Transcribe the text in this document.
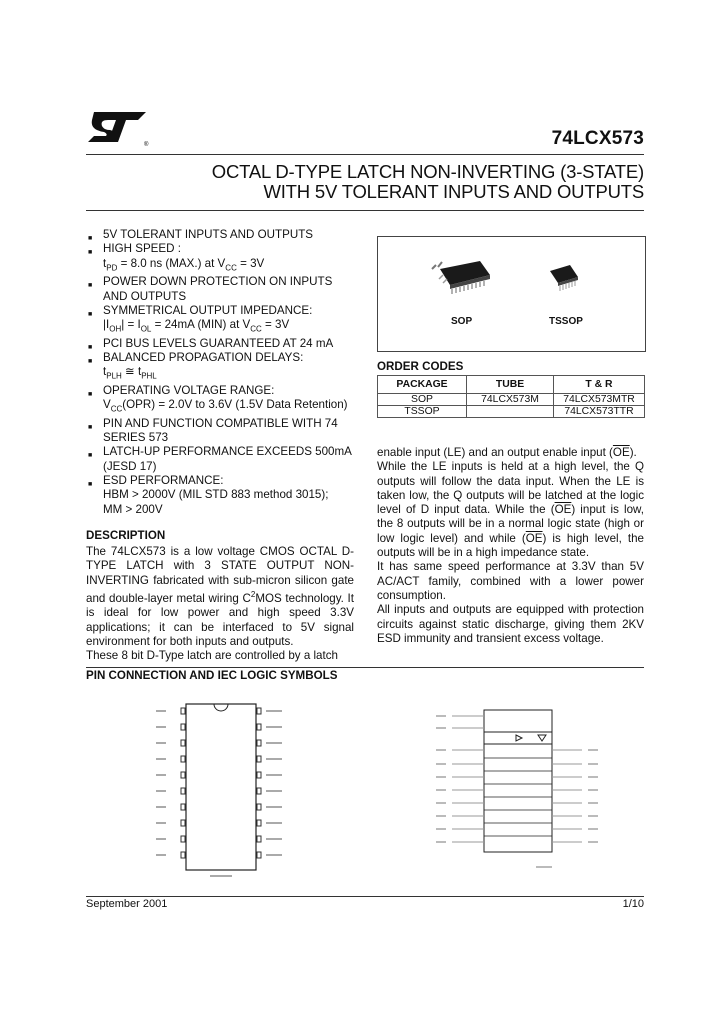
®	74LCX573
OCTAL D-TYPE LATCH NON-INVERTING (3-STATE)
WITH 5V TOLERANT INPUTS AND OUTPUTS
■ 5V TOLERANT INPUTS AND OUTPUTS
■ HIGH SPEED :
$t_{PD} = 8.0$ ns (MAX.) at $V_{CC} = 3V$
■ POWER DOWN PROTECTION ON INPUTS AND OUTPUTS
■ SYMMETRICAL OUTPUT IMPEDANCE:
$|I_{OH}| = I_{OL} = 24mA$ (MIN) at $V_{CC} = 3V$
■ PCI BUS LEVELS GUARANTEED AT 24 mA
■ BALANCED PROPAGATION DELAYS:
$t_{PLH}$ ≅ $t_{PHL}$
■ OPERATING VOLTAGE RANGE:
$V_{CC}(OPR) = 2.0V$ to 3.6V (1.5V Data Retention)
■ PIN AND FUNCTION COMPATIBLE WITH 74 SERIES 573
■ LATCH-UP PERFORMANCE EXCEEDS 500mA (JESD 17)
■ ESD PERFORMANCE:
HBM > 2000V (MIL STD 883 method 3015);
MM > 200V
DESCRIPTION
The 74LCX573 is a low voltage CMOS OCTAL D-TYPE LATCH with 3 STATE OUTPUT NON-INVERTING fabricated with sub-micron silicon gate and double-layer metal wiring $C^2MOS$ technology. It is ideal for low power and high speed 3.3V applications; it can be interfaced to 5V signal environment for both inputs and outputs.
These 8 bit D-Type latch are controlled by a latch
SOP	TSSOP
ORDER CODES
PACKAGE	TUBE	T & R
SOP	74LCX573M	74LCX573MTR
TSSOP		74LCX573TTR
enable input (LE) and an output enable input $(\overline{OE})$.
While the LE inputs is held at a high level, the Q outputs will follow the data input. When the LE is taken low, the Q outputs will be latched at the logic level of D input data. While the $(\overline{OE})$ input is low, the 8 outputs will be in a normal logic state (high or low logic level) and while $(\overline{OE})$ is high level, the outputs will be in a high impedance state.
It has same speed performance at 3.3V than 5V AC/ACT family, combined with a lower power consumption.
All inputs and outputs are equipped with protection circuits against static discharge, giving them 2KV ESD immunity and transient excess voltage.
PIN CONNECTION AND IEC LOGIC SYMBOLS
September 2001	1/10
